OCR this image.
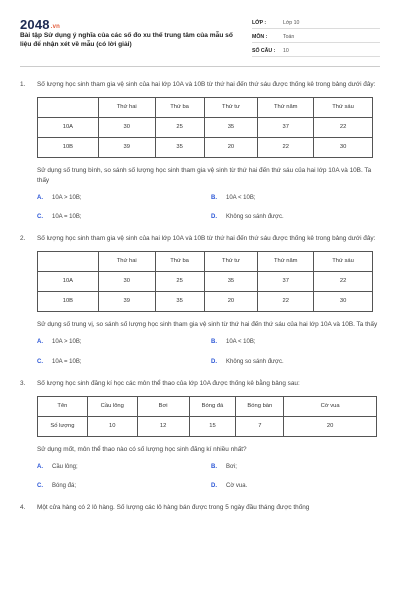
2048.vn
Bài tập Sử dụng ý nghĩa của các số đo xu thế trung tâm của mẫu số liệu để nhận xét về mẫu (có lời giải)
LỚP :	Lớp 10
MÔN :	Toán
SỐ CÂU :	10
1.	Số lượng học sinh tham gia vệ sinh của hai lớp 10A và 10B từ thứ hai đến thứ sáu được thống kê trong bảng dưới đây:
	Thứ hai	Thứ ba	Thứ tư	Thứ năm	Thứ sáu
10A	30	25	35	37	22
10B	39	35	20	22	30
Sử dụng số trung bình, so sánh số lượng học sinh tham gia vệ sinh từ thứ hai đến thứ sáu của hai lớp 10A và 10B. Ta thấy
A.	10A > 10B;	B.	10A < 10B;
C.	10A = 10B;	D.	Không so sánh được.
2.	Số lượng học sinh tham gia vệ sinh của hai lớp 10A và 10B từ thứ hai đến thứ sáu được thống kê trong bảng dưới đây:
	Thứ hai	Thứ ba	Thứ tư	Thứ năm	Thứ sáu
10A	30	25	35	37	22
10B	39	35	20	22	30
Sử dụng số trung vị, so sánh số lượng học sinh tham gia vệ sinh từ thứ hai đến thứ sáu của hai lớp 10A và 10B. Ta thấy
A.	10A > 10B;	B.	10A < 10B;
C.	10A = 10B;	D.	Không so sánh được.
3.	Số lượng học sinh đăng kí học các môn thể thao của lớp 10A được thống kê bằng bảng sau:
Tên	Cầu lông	Bơi	Bóng đá	Bóng bàn	Cờ vua
Số lượng	10	12	15	7	20
Sử dụng mốt, môn thể thao nào có số lượng học sinh đăng kí nhiều nhất?
A.	Cầu lông;	B.	Bơi;
C.	Bóng đá;	D.	Cờ vua.
4.	Một cửa hàng có 2 lô hàng. Số lượng các lô hàng bán được trong 5 ngày đầu tháng được thống
